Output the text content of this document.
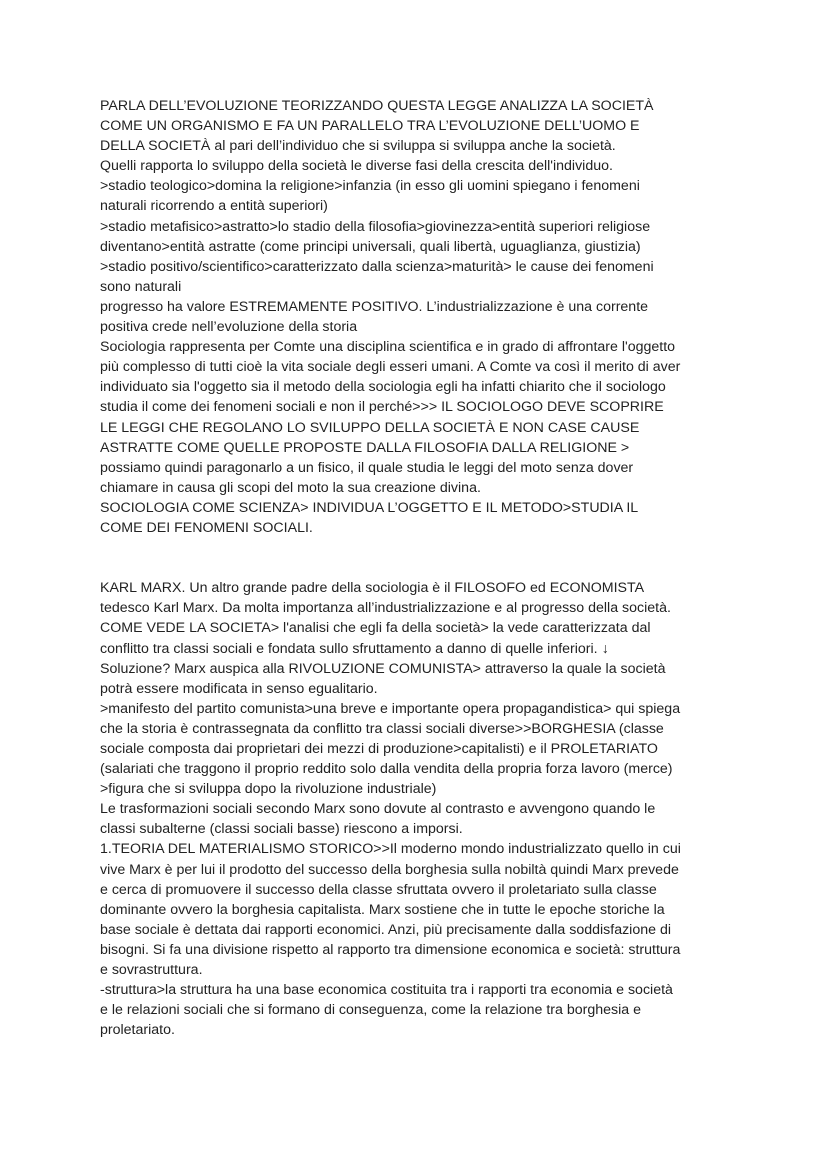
PARLA DELL’EVOLUZIONE TEORIZZANDO QUESTA LEGGE ANALIZZA LA SOCIETÀ
COME UN ORGANISMO E FA UN PARALLELO TRA L’EVOLUZIONE DELL’UOMO E
DELLA SOCIETÀ al pari dell’individuo che si sviluppa si sviluppa anche la società.
Quelli rapporta lo sviluppo della società le diverse fasi della crescita dell'individuo.
>stadio teologico>domina la religione>infanzia (in esso gli uomini spiegano i fenomeni
naturali ricorrendo a entità superiori)
>stadio metafisico>astratto>lo stadio della filosofia>giovinezza>entità superiori religiose
diventano>entità astratte (come principi universali, quali libertà, uguaglianza, giustizia)
>stadio positivo/scientifico>caratterizzato dalla scienza>maturità> le cause dei fenomeni
sono naturali
progresso ha valore ESTREMAMENTE POSITIVO. L’industrializzazione è una corrente
positiva crede nell’evoluzione della storia
Sociologia rappresenta per Comte una disciplina scientifica e in grado di affrontare l'oggetto
più complesso di tutti cioè la vita sociale degli esseri umani. A Comte va così il merito di aver
individuato sia l'oggetto sia il metodo della sociologia egli ha infatti chiarito che il sociologo
studia il come dei fenomeni sociali e non il perché>>> IL SOCIOLOGO DEVE SCOPRIRE
LE LEGGI CHE REGOLANO LO SVILUPPO DELLA SOCIETÀ E NON CASE CAUSE
ASTRATTE COME QUELLE PROPOSTE DALLA FILOSOFIA DALLA RELIGIONE >
possiamo quindi paragonarlo a un fisico, il quale studia le leggi del moto senza dover
chiamare in causa gli scopi del moto la sua creazione divina.
SOCIOLOGIA COME SCIENZA> INDIVIDUA L’OGGETTO E IL METODO>STUDIA IL
COME DEI FENOMENI SOCIALI.
KARL MARX. Un altro grande padre della sociologia è il FILOSOFO ed ECONOMISTA
tedesco Karl Marx. Da molta importanza all’industrializzazione e al progresso della società.
COME VEDE LA SOCIETA> l'analisi che egli fa della società> la vede caratterizzata dal
conflitto tra classi sociali e fondata sullo sfruttamento a danno di quelle inferiori. ↓
Soluzione? Marx auspica alla RIVOLUZIONE COMUNISTA> attraverso la quale la società
potrà essere modificata in senso egualitario.
>manifesto del partito comunista>una breve e importante opera propagandistica> qui spiega
che la storia è contrassegnata da conflitto tra classi sociali diverse>>BORGHESIA (classe
sociale composta dai proprietari dei mezzi di produzione>capitalisti) e il PROLETARIATO
(salariati che traggono il proprio reddito solo dalla vendita della propria forza lavoro (merce)
>figura che si sviluppa dopo la rivoluzione industriale)
Le trasformazioni sociali secondo Marx sono dovute al contrasto e avvengono quando le
classi subalterne (classi sociali basse) riescono a imporsi.
1.TEORIA DEL MATERIALISMO STORICO>>Il moderno mondo industrializzato quello in cui
vive Marx è per lui il prodotto del successo della borghesia sulla nobiltà quindi Marx prevede
e cerca di promuovere il successo della classe sfruttata ovvero il proletariato sulla classe
dominante ovvero la borghesia capitalista. Marx sostiene che in tutte le epoche storiche la
base sociale è dettata dai rapporti economici. Anzi, più precisamente dalla soddisfazione di
bisogni. Si fa una divisione rispetto al rapporto tra dimensione economica e società: struttura
e sovrastruttura.
-struttura>la struttura ha una base economica costituita tra i rapporti tra economia e società
e le relazioni sociali che si formano di conseguenza, come la relazione tra borghesia e
proletariato.
